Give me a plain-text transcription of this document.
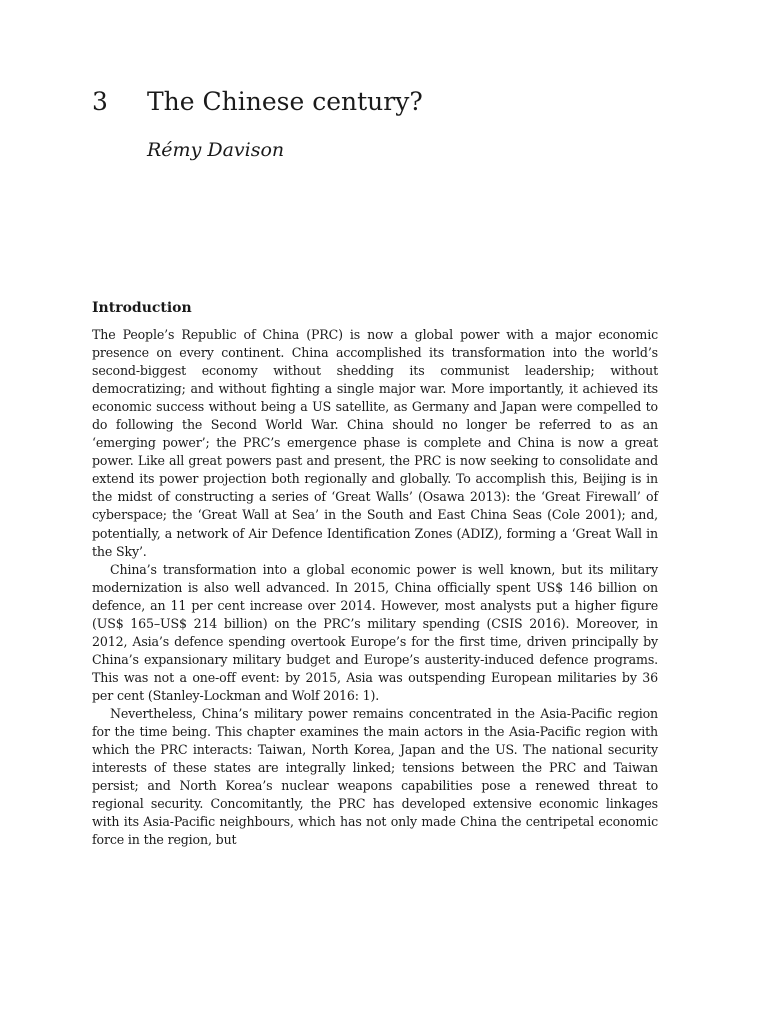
3	The Chinese century?
Rémy Davison
Introduction

The People’s Republic of China (PRC) is now a global power with a major economic presence on every continent. China accomplished its transformation into the world’s second-biggest economy without shedding its communist leadership; without democratizing; and without fighting a single major war. More importantly, it achieved its economic success without being a US satellite, as Germany and Japan were compelled to do following the Second World War. China should no longer be referred to as an ‘emerging power’; the PRC’s emergence phase is complete and China is now a great power. Like all great powers past and present, the PRC is now seeking to consolidate and extend its power projection both regionally and globally. To accomplish this, Beijing is in the midst of constructing a series of ‘Great Walls’ (Osawa 2013): the ‘Great Firewall’ of cyberspace; the ‘Great Wall at Sea’ in the South and East China Seas (Cole 2001); and, potentially, a network of Air Defence Identification Zones (ADIZ), forming a ‘Great Wall in the Sky’.

China’s transformation into a global economic power is well known, but its military modernization is also well advanced. In 2015, China officially spent US$ 146 billion on defence, an 11 per cent increase over 2014. However, most analysts put a higher figure (US$ 165–US$ 214 billion) on the PRC’s military spending (CSIS 2016). Moreover, in 2012, Asia’s defence spending overtook Europe’s for the first time, driven principally by China’s expansionary military budget and Europe’s austerity-induced defence programs. This was not a one-off event: by 2015, Asia was outspending European militaries by 36 per cent (Stanley-Lockman and Wolf 2016: 1).

Nevertheless, China’s military power remains concentrated in the Asia-Pacific region for the time being. This chapter examines the main actors in the Asia-Pacific region with which the PRC interacts: Taiwan, North Korea, Japan and the US. The national security interests of these states are integrally linked; tensions between the PRC and Taiwan persist; and North Korea’s nuclear weapons capabilities pose a renewed threat to regional security. Concomitantly, the PRC has developed extensive economic linkages with its Asia-Pacific neighbours, which has not only made China the centripetal economic force in the region, but
